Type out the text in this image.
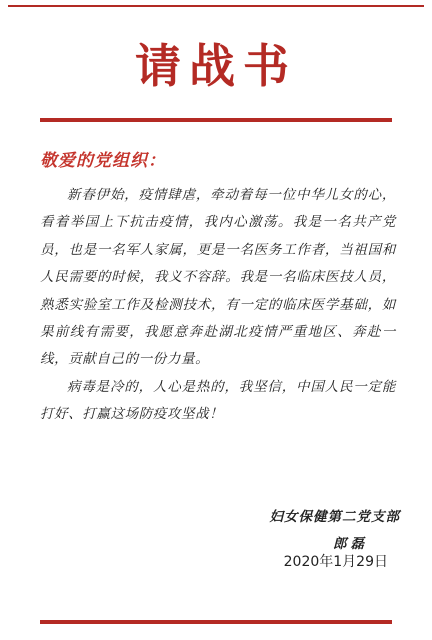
请战书
敬爱的党组织：

新春伊始，疫情肆虐，牵动着每一位中华儿女的心，看着举国上下抗击疫情，我内心激荡。我是一名共产党员，也是一名军人家属，更是一名医务工作者，当祖国和人民需要的时候，我义不容辞。我是一名临床医技人员，熟悉实验室工作及检测技术，有一定的临床医学基础，如果前线有需要，我愿意奔赴湖北疫情严重地区、奔赴一线，贡献自己的一份力量。

病毒是冷的，人心是热的，我坚信，中国人民一定能打好、打赢这场防疫攻坚战！

妇女保健第二党支部
郎磊
2020年1月29日
